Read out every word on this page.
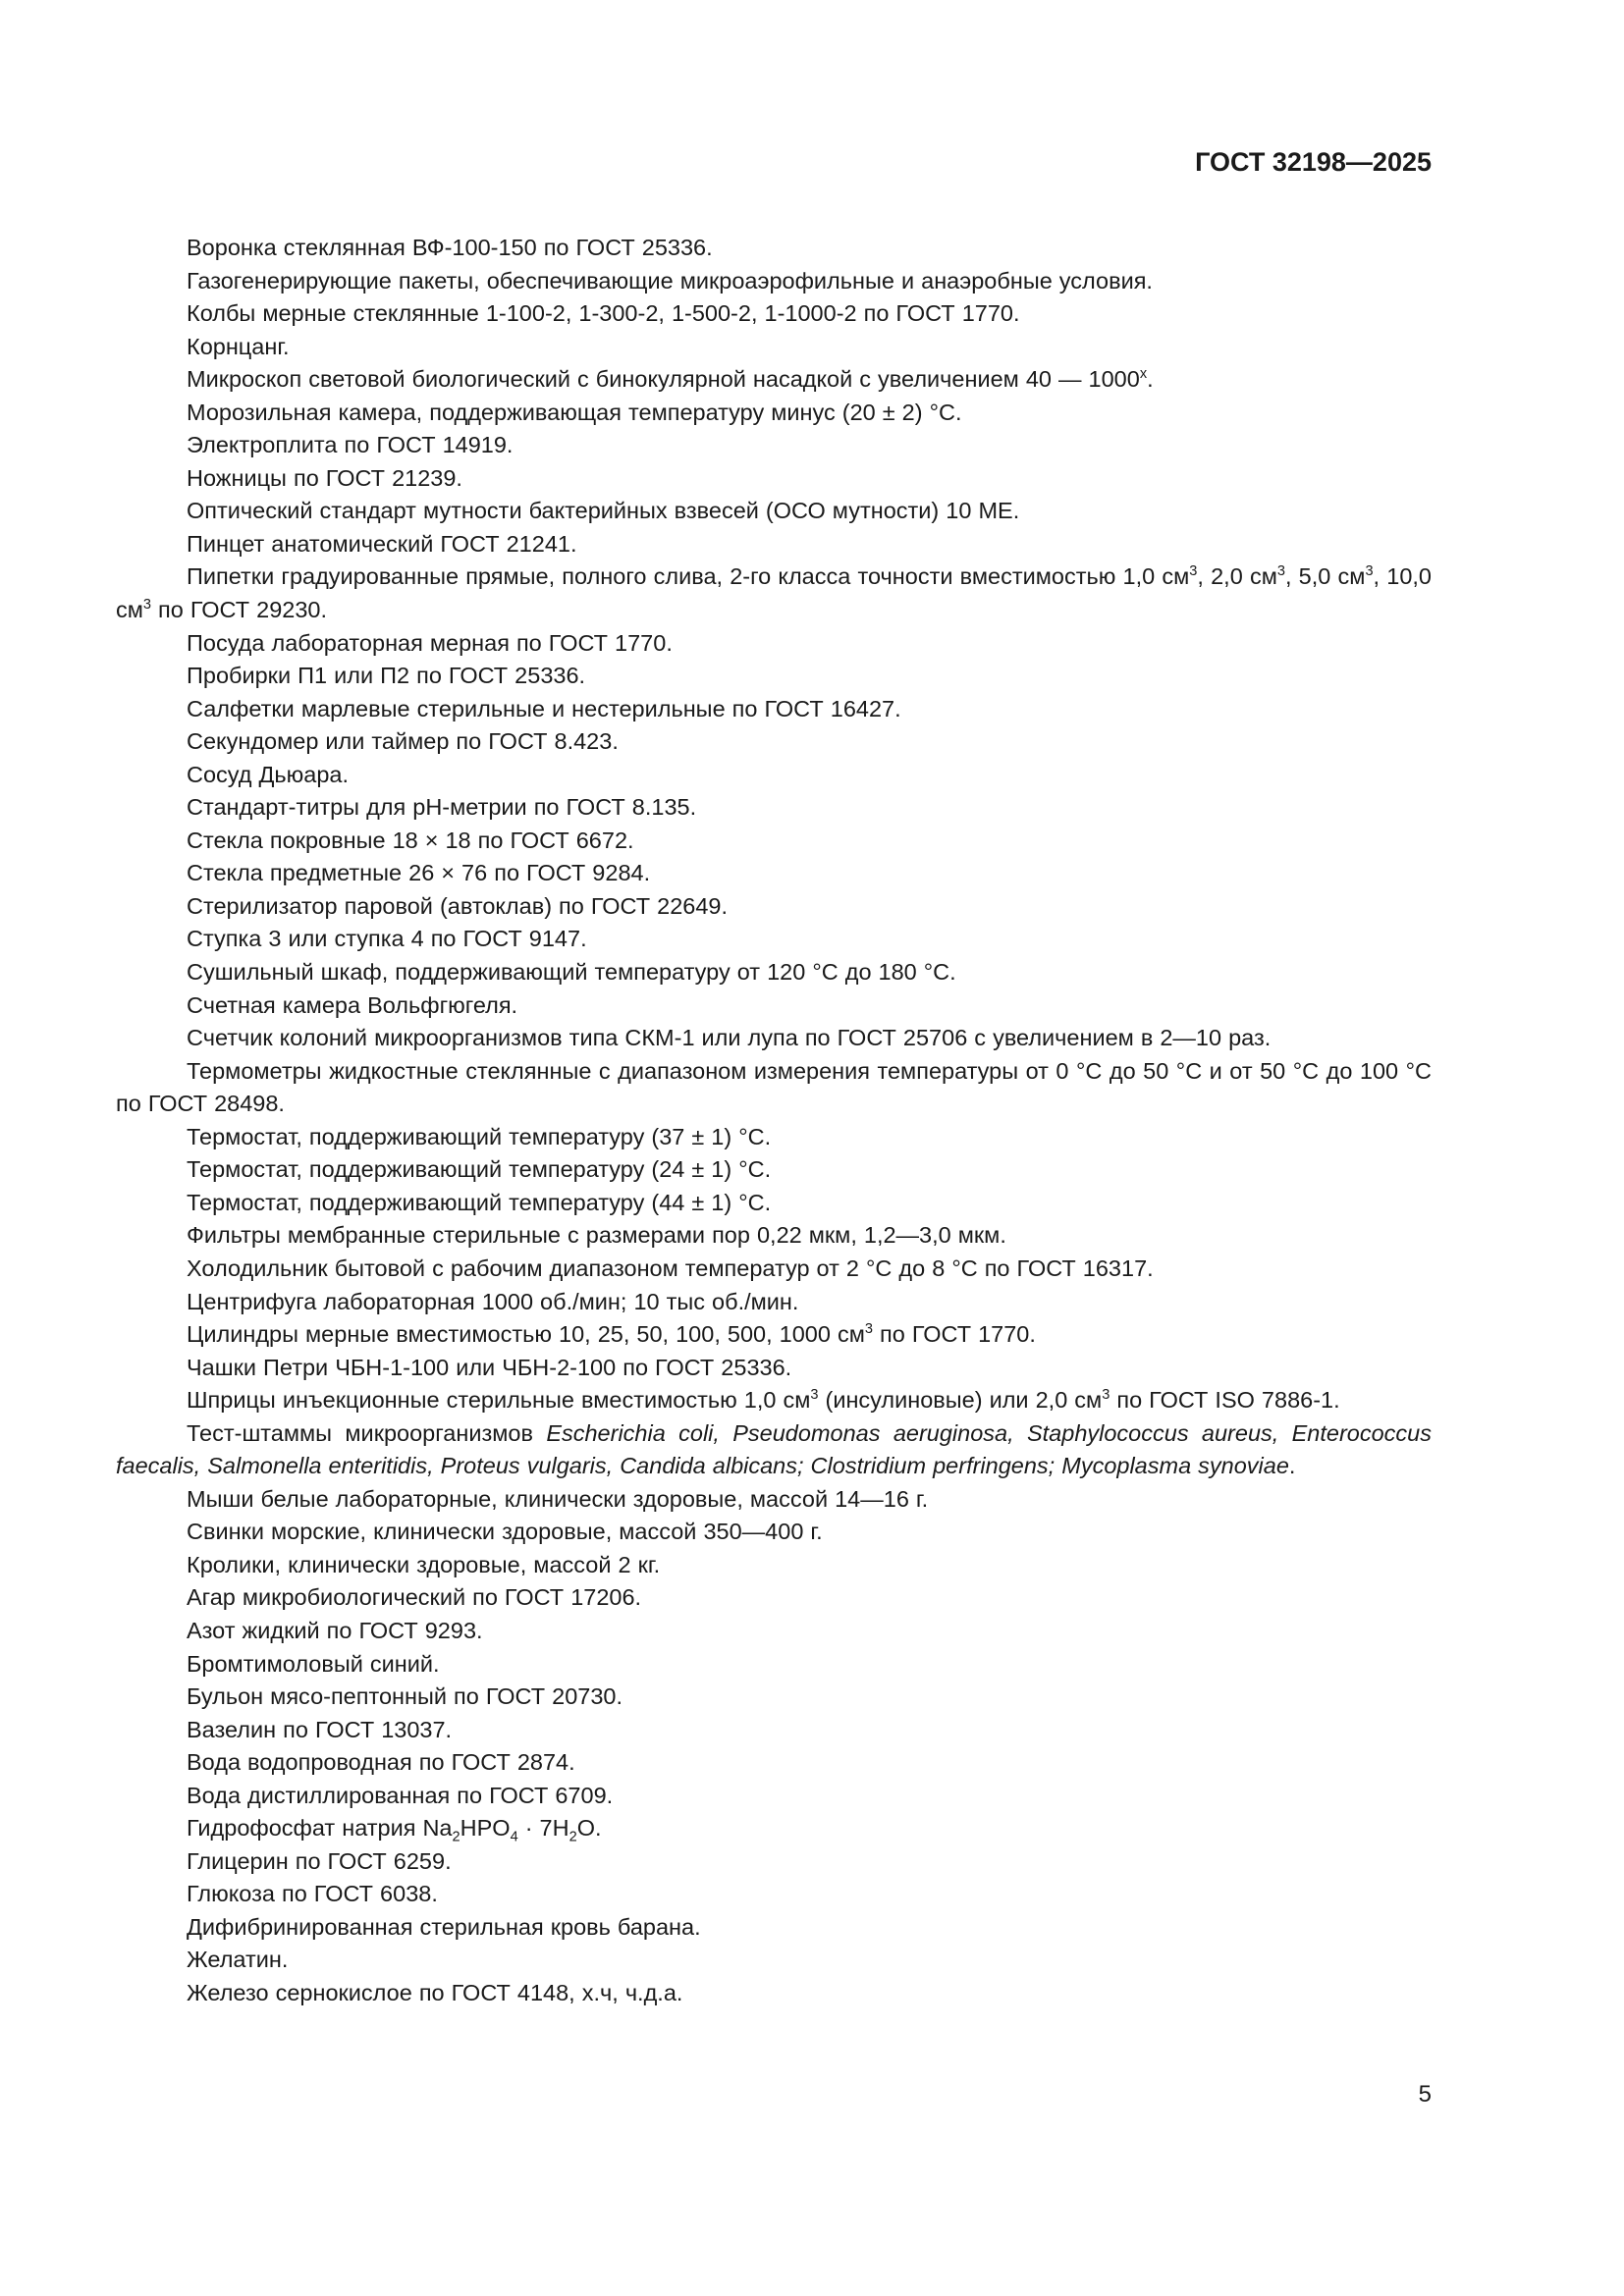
ГОСТ 32198—2025

Воронка стеклянная ВФ-100-150 по ГОСТ 25336.

Газогенерирующие пакеты, обеспечивающие микроаэрофильные и анаэробные условия.

Колбы мерные стеклянные 1-100-2, 1-300-2, 1-500-2, 1-1000-2 по ГОСТ 1770.

Корнцанг.

Микроскоп световой биологический с бинокулярной насадкой с увеличением 40 — $1000^х$.

Морозильная камера, поддерживающая температуру минус (20 ± 2) °С.

Электроплита по ГОСТ 14919.

Ножницы по ГОСТ 21239.

Оптический стандарт мутности бактерийных взвесей (ОСО мутности) 10 МЕ.

Пинцет анатомический ГОСТ 21241.

Пипетки градуированные прямые, полного слива, 2-го класса точности вместимостью 1,0 $см^3$, 2,0 $см^3$, 5,0 $см^3$, 10,0 $см^3$ по ГОСТ 29230.

Посуда лабораторная мерная по ГОСТ 1770.

Пробирки П1 или П2 по ГОСТ 25336.

Салфетки марлевые стерильные и нестерильные по ГОСТ 16427.

Секундомер или таймер по ГОСТ 8.423.

Сосуд Дьюара.

Стандарт-титры для pH-метрии по ГОСТ 8.135.

Стекла покровные 18 × 18 по ГОСТ 6672.

Стекла предметные 26 × 76 по ГОСТ 9284.

Стерилизатор паровой (автоклав) по ГОСТ 22649.

Ступка 3 или ступка 4 по ГОСТ 9147.

Сушильный шкаф, поддерживающий температуру от 120 °С до 180 °С.

Счетная камера Вольфгюгеля.

Счетчик колоний микроорганизмов типа СКМ-1 или лупа по ГОСТ 25706 с увеличением в 2—10 раз.

Термометры жидкостные стеклянные с диапазоном измерения температуры от 0 °С до 50 °С и от 50 °С до 100 °С по ГОСТ 28498.

Термостат, поддерживающий температуру (37 ± 1) °С.

Термостат, поддерживающий температуру (24 ± 1) °С.

Термостат, поддерживающий температуру (44 ± 1) °С.

Фильтры мембранные стерильные с размерами пор 0,22 мкм, 1,2—3,0 мкм.

Холодильник бытовой с рабочим диапазоном температур от 2 °С до 8 °С по ГОСТ 16317.

Центрифуга лабораторная 1000 об./мин; 10 тыс об./мин.

Цилиндры мерные вместимостью 10, 25, 50, 100, 500, 1000 $см^3$ по ГОСТ 1770.

Чашки Петри ЧБН-1-100 или ЧБН-2-100 по ГОСТ 25336.

Шприцы инъекционные стерильные вместимостью 1,0 $см^3$ (инсулиновые) или 2,0 $см^3$ по ГОСТ ISO 7886-1.

Тест-штаммы микроорганизмов Escherichia coli, Pseudomonas aeruginosa, Staphylococcus aureus, Enterococcus faecalis, Salmonella enteritidis, Proteus vulgaris, Candida albicans; Clostridium perfringens; Mycoplasma synoviae.

Мыши белые лабораторные, клинически здоровые, массой 14—16 г.

Свинки морские, клинически здоровые, массой 350—400 г.

Кролики, клинически здоровые, массой 2 кг.

Агар микробиологический по ГОСТ 17206.

Азот жидкий по ГОСТ 9293.

Бромтимоловый синий.

Бульон мясо-пептонный по ГОСТ 20730.

Вазелин по ГОСТ 13037.

Вода водопроводная по ГОСТ 2874.

Вода дистиллированная по ГОСТ 6709.

Гидрофосфат натрия $Na_2HPO_4 \cdot 7H_2O$.

Глицерин по ГОСТ 6259.

Глюкоза по ГОСТ 6038.

Дифибринированная стерильная кровь барана.

Желатин.

Железо сернокислое по ГОСТ 4148, х.ч, ч.д.а.

5
